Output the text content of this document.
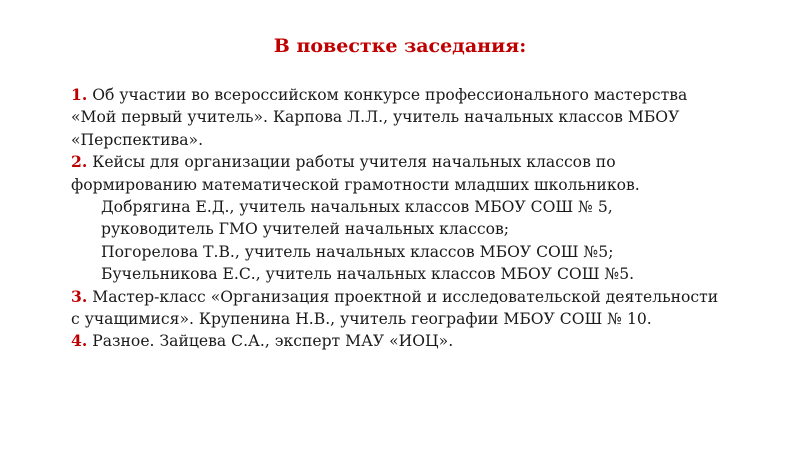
В повестке заседания:
1. Об участии во всероссийском конкурсе профессионального мастерства
«Мой первый учитель». Карпова Л.Л., учитель начальных классов МБОУ
«Перспектива».
2. Кейсы для организации работы учителя начальных классов по
формированию математической грамотности младших школьников.
Добрягина Е.Д., учитель начальных классов МБОУ СОШ № 5,
руководитель ГМО учителей начальных классов;
Погорелова Т.В., учитель начальных классов МБОУ СОШ №5;
Бучельникова Е.С., учитель начальных классов МБОУ СОШ №5.
3. Мастер-класс «Организация проектной и исследовательской деятельности
с учащимися». Крупенина Н.В., учитель географии МБОУ СОШ № 10.
4. Разное. Зайцева С.А., эксперт МАУ «ИОЦ».
